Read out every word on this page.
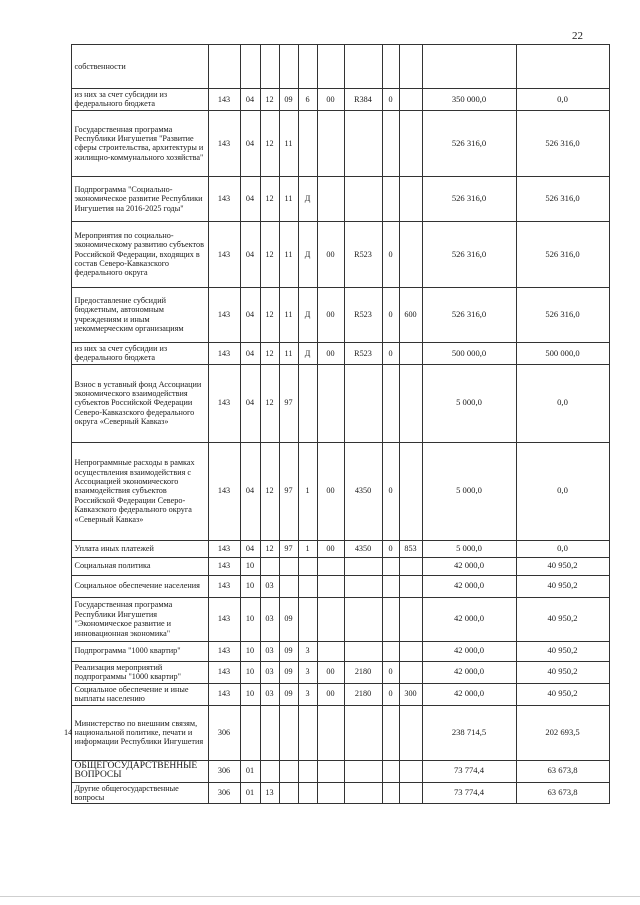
22
	собственности											
	из них за счет субсидии из федерального бюджета	143	04	12	09	6	00	R384	0		350 000,0	0,0
	Государственная программа Республики Ингушетия "Развитие сферы строительства, архитектуры и жилищно-коммунального хозяйства"	143	04	12	11						526 316,0	526 316,0
	Подпрограмма "Социально-экономическое развитие Республики Ингушетия на 2016-2025 годы"	143	04	12	11	Д					526 316,0	526 316,0
	Мероприятия по социально-экономическому развитию субъектов Российской Федерации, входящих в состав Северо-Кавказского федерального округа	143	04	12	11	Д	00	R523	0		526 316,0	526 316,0
	Предоставление субсидий бюджетным, автономным учреждениям и иным некоммерческим организациям	143	04	12	11	Д	00	R523	0	600	526 316,0	526 316,0
	из них за счет субсидии из федерального бюджета	143	04	12	11	Д	00	R523	0		500 000,0	500 000,0
	Взнос в уставный фонд Ассоциации экономического взаимодействия субъектов Российской Федерации Северо-Кавказского федерального округа «Северный Кавказ»	143	04	12	97						5 000,0	0,0
	Непрограммные расходы в рамках осуществления взаимодействия с Ассоциацией экономического взаимодействия субъектов Российской Федерации Северо-Кавказского федерального округа «Северный Кавказ»	143	04	12	97	1	00	4350	0		5 000,0	0,0
	Уплата иных платежей	143	04	12	97	1	00	4350	0	853	5 000,0	0,0
	Социальная политика	143	10								42 000,0	40 950,2
	Социальное обеспечение населения	143	10	03							42 000,0	40 950,2
	Государственная программа Республики Ингушетия "Экономическое развитие и инновационная экономика"	143	10	03	09						42 000,0	40 950,2
	Подпрограмма "1000 квартир"	143	10	03	09	3					42 000,0	40 950,2
	Реализация мероприятий подпрограммы "1000 квартир"	143	10	03	09	3	00	2180	0		42 000,0	40 950,2
	Социальное обеспечение и иные выплаты населению	143	10	03	09	3	00	2180	0	300	42 000,0	40 950,2
14	Министерство по внешним связям, национальной политике, печати и информации Республики Ингушетия	306									238 714,5	202 693,5
	ОБЩЕГОСУДАРСТВЕННЫЕ ВОПРОСЫ	306	01								73 774,4	63 673,8
	Другие общегосударственные вопросы	306	01	13							73 774,4	63 673,8
